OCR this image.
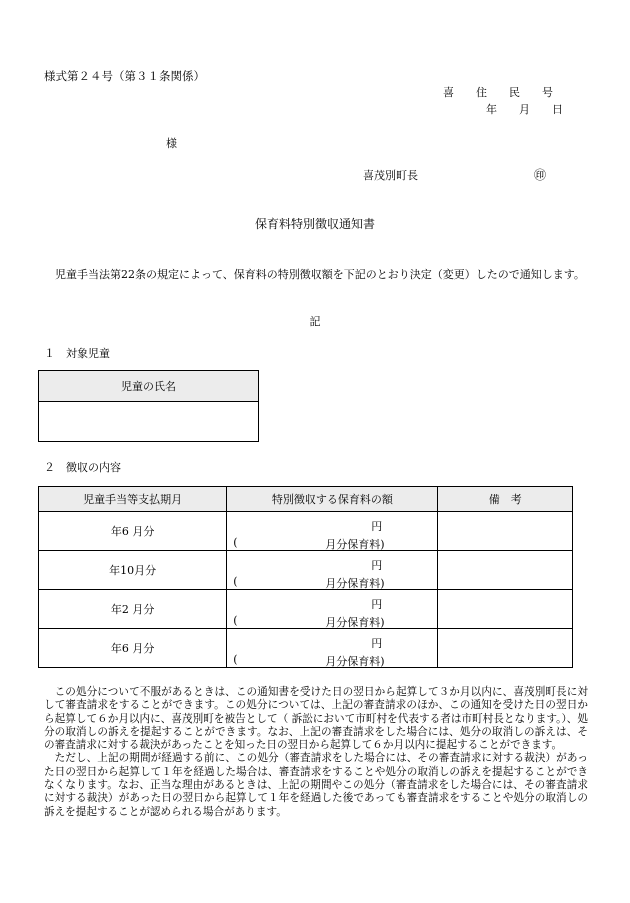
様式第２４号（第３１条関係）
喜住民号
年月日
様
喜茂別町長	㊞
保育料特別徴収通知書

児童手当法第22条の規定によって、保育料の特別徴収額を下記のとおり決定（変更）したので通知します。

記
１　対象児童
児童の氏名

２　徴収の内容
児童手当等支払期月	特別徴収する保育料の額	備　考
年6 月分	円
( 月分保育料)	

年10月分	円
( 月分保育料)	

年2 月分	円
( 月分保育料)	

年6 月分	円
( 月分保育料)	

この処分について不服があるときは、この通知書を受けた日の翌日から起算して３か月以内に、喜茂別町長に対して審査請求をすることができます。この処分については、上記の審査請求のほか、この通知を受けた日の翌日から起算して６か月以内に、喜茂別町を被告として（ 訴訟において市町村を代表する者は市町村長となります。）、処分の取消しの訴えを提起することができます。なお、上記の審査請求をした場合には、処分の取消しの訴えは、その審査請求に対する裁決があったことを知った日の翌日から起算して６か月以内に提起することができます。

ただし、上記の期間が経過する前に、この処分（審査請求をした場合には、その審査請求に対する裁決）があった日の翌日から起算して１年を経過した場合は、審査請求をすることや処分の取消しの訴えを提起することができなくなります。なお、正当な理由があるときは、上記の期間やこの処分（審査請求をした場合には、その審査請求に対する裁決）があった日の翌日から起算して１年を経過した後であっても審査請求をすることや処分の取消しの訴えを提起することが認められる場合があります。
